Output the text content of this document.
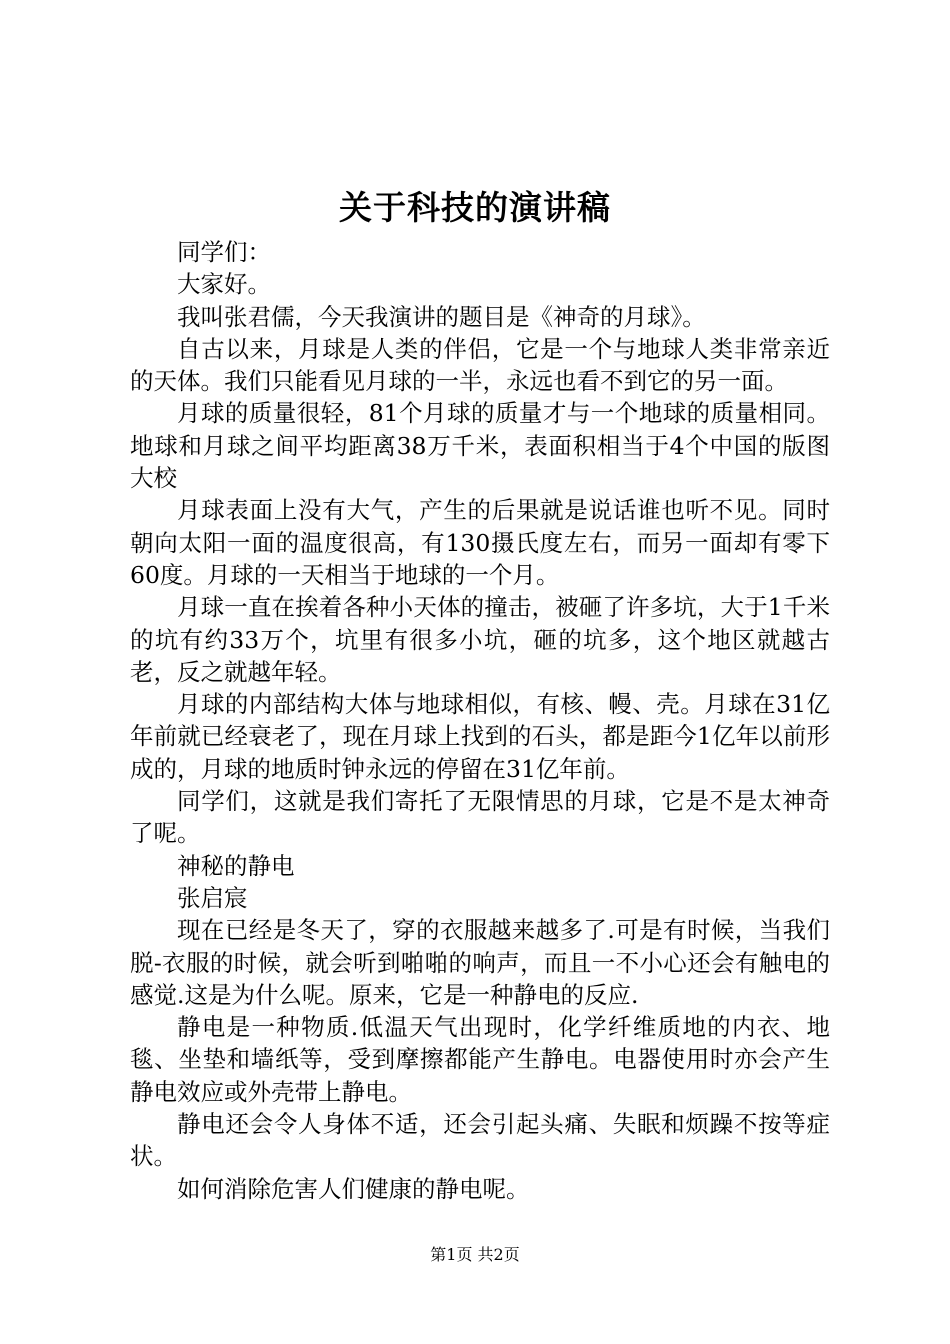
关于科技的演讲稿

同学们：

大家好。

我叫张君儒，今天我演讲的题目是《神奇的月球》。

自古以来，月球是人类的伴侣，它是一个与地球人类非常亲近的天体。我们只能看见月球的一半，永远也看不到它的另一面。

月球的质量很轻，81个月球的质量才与一个地球的质量相同。地球和月球之间平均距离38万千米，表面积相当于4个中国的版图大校

月球表面上没有大气，产生的后果就是说话谁也听不见。同时朝向太阳一面的温度很高，有130摄氏度左右，而另一面却有零下60度。月球的一天相当于地球的一个月。

月球一直在挨着各种小天体的撞击，被砸了许多坑，大于1千米的坑有约33万个，坑里有很多小坑，砸的坑多，这个地区就越古老，反之就越年轻。

月球的内部结构大体与地球相似，有核、幔、壳。月球在31亿年前就已经衰老了，现在月球上找到的石头，都是距今1亿年以前形成的，月球的地质时钟永远的停留在31亿年前。

同学们，这就是我们寄托了无限情思的月球，它是不是太神奇了呢。

神秘的静电

张启宸

现在已经是冬天了，穿的衣服越来越多了.可是有时候，当我们脱-衣服的时候，就会听到啪啪的响声，而且一不小心还会有触电的感觉.这是为什么呢。原来，它是一种静电的反应.

静电是一种物质.低温天气出现时，化学纤维质地的内衣、地毯、坐垫和墙纸等，受到摩擦都能产生静电。电器使用时亦会产生静电效应或外壳带上静电。

静电还会令人身体不适，还会引起头痛、失眠和烦躁不按等症状。

如何消除危害人们健康的静电呢。

第1页 共2页
